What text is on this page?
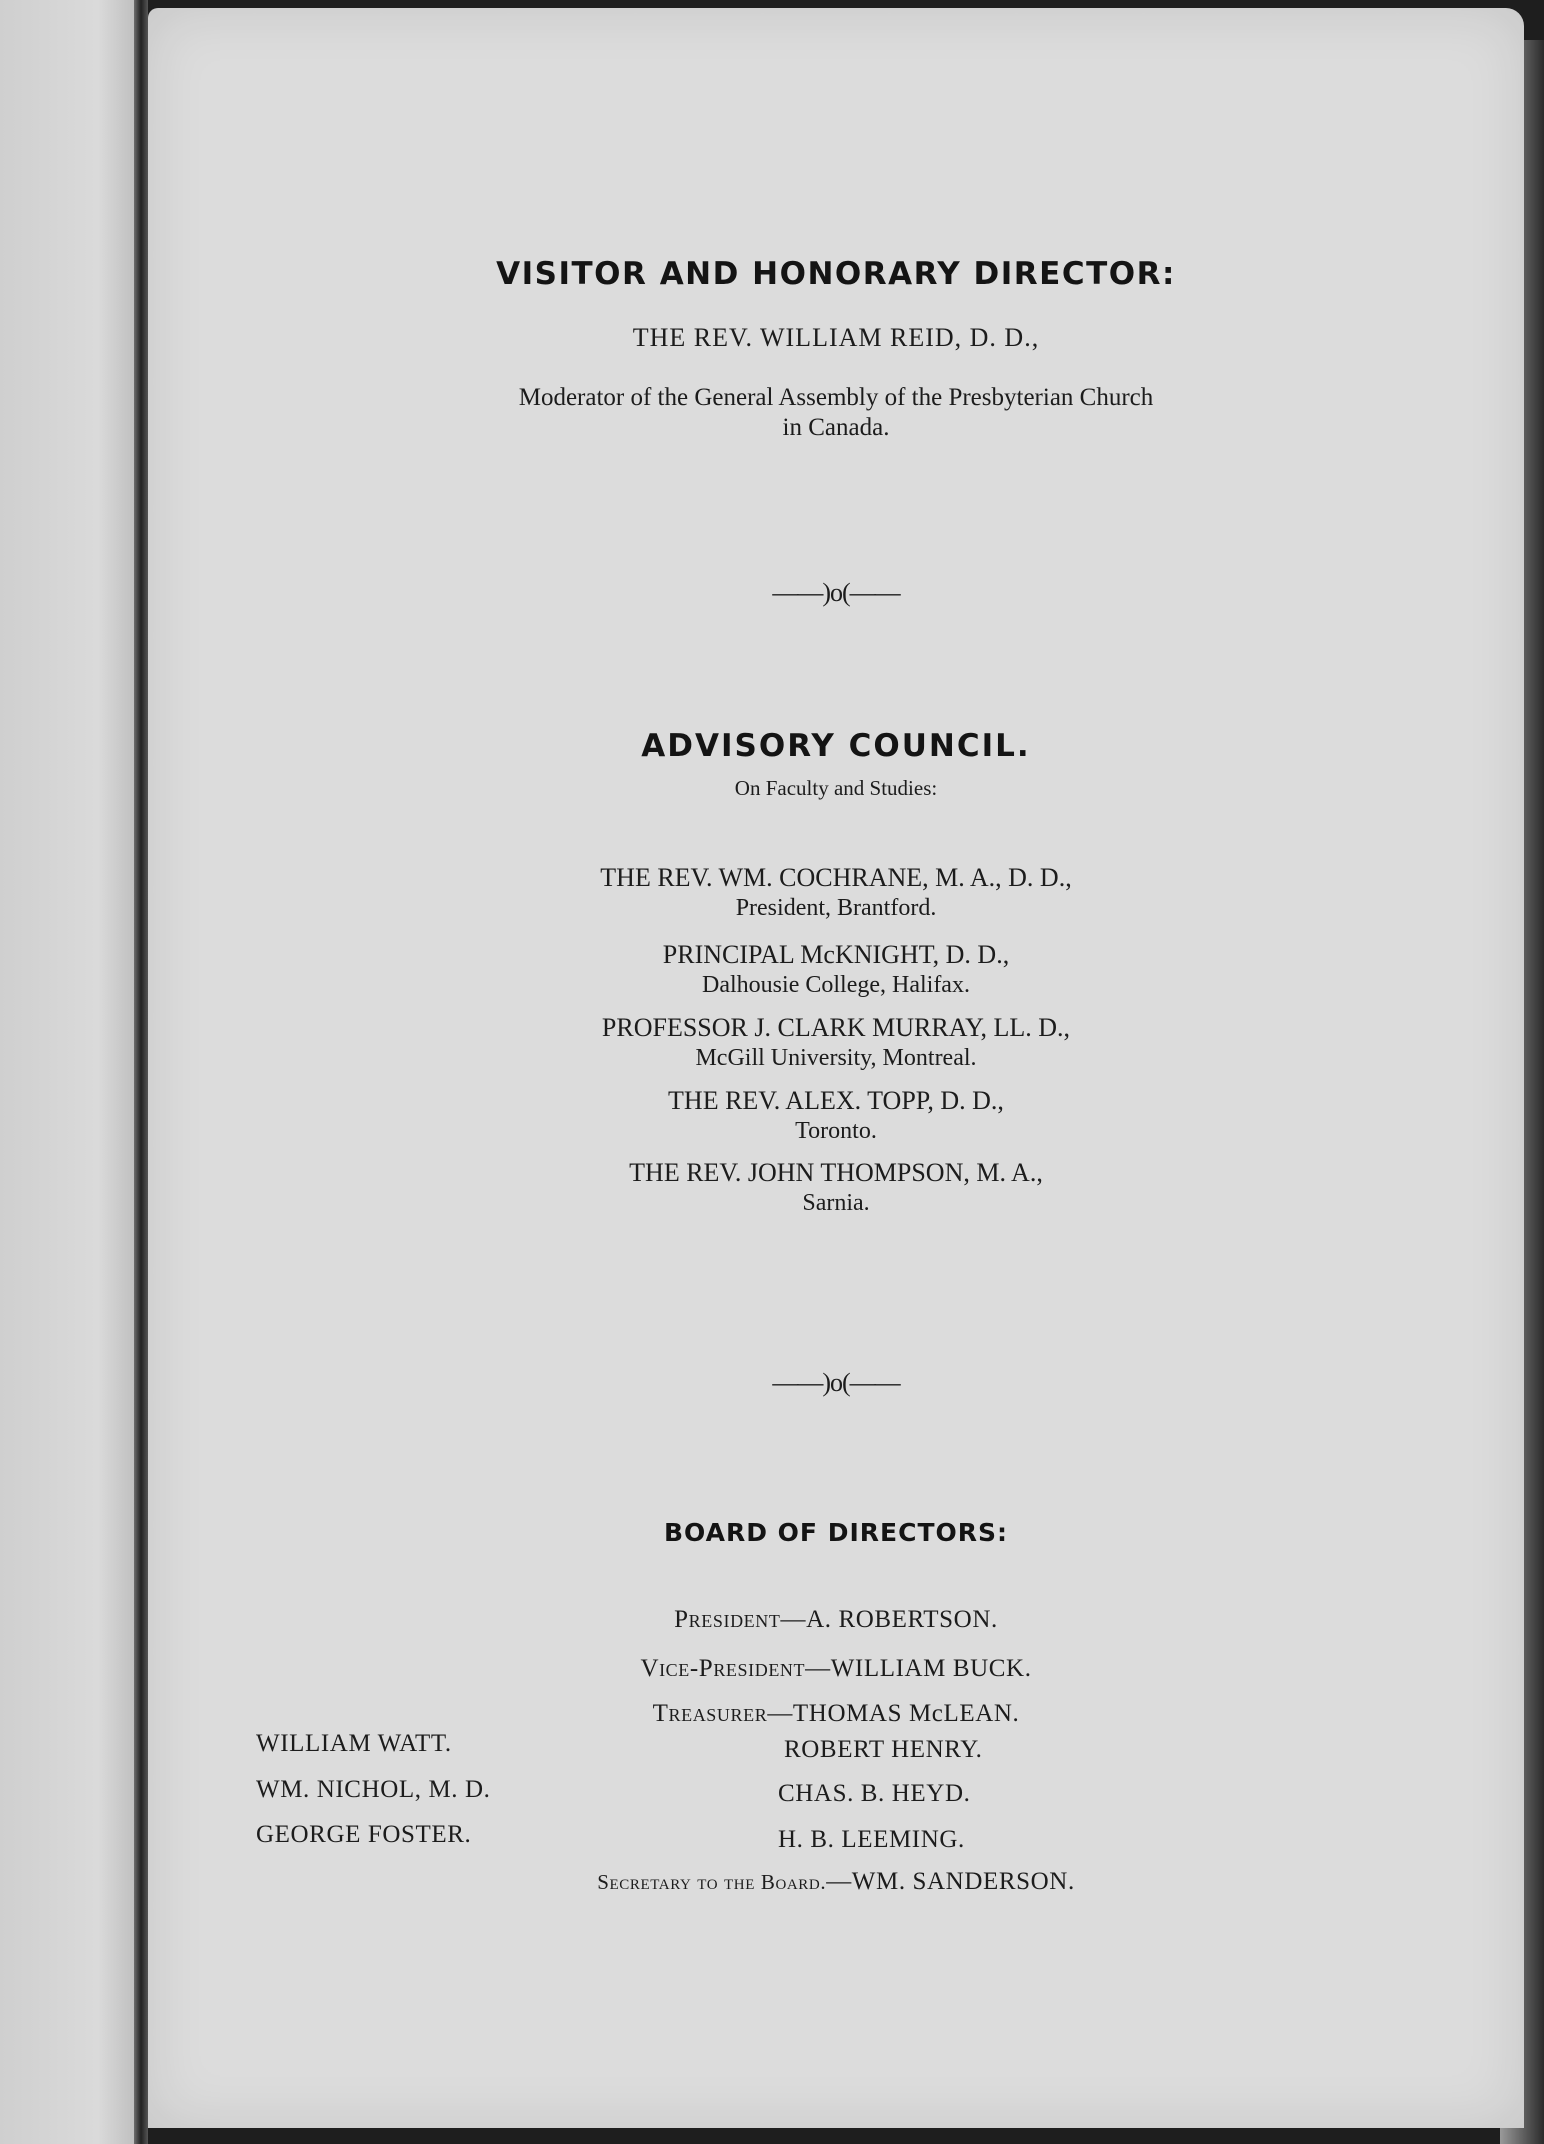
VISITOR AND HONORARY DIRECTOR:
THE REV. WILLIAM REID, D. D.,
Moderator of the General Assembly of the Presbyterian Church
in Canada.
——)o(——
ADVISORY COUNCIL.
On Faculty and Studies:
THE REV. WM. COCHRANE, M. A., D. D.,
President, Brantford.
PRINCIPAL McKNIGHT, D. D.,
Dalhousie College, Halifax.
PROFESSOR J. CLARK MURRAY, LL. D.,
McGill University, Montreal.
THE REV. ALEX. TOPP, D. D.,
Toronto.
THE REV. JOHN THOMPSON, M. A.,
Sarnia.
——)o(——
BOARD OF DIRECTORS:
President—A. ROBERTSON.
Vice-President—WILLIAM BUCK.
Treasurer—THOMAS McLEAN.
WILLIAM WATT.
WM. NICHOL, M. D.
GEORGE FOSTER.
ROBERT HENRY.
CHAS. B. HEYD.
H. B. LEEMING.
Secretary to the Board.—WM. SANDERSON.
